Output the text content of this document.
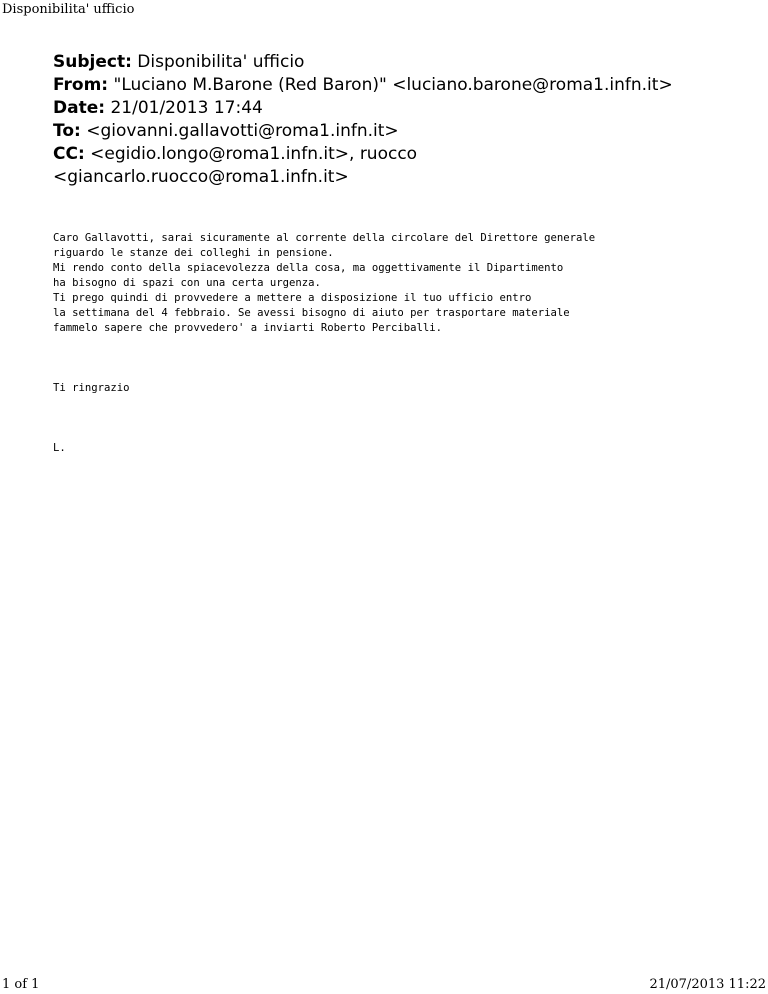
Disponibilita' ufficio
Subject: Disponibilita' ufficio
From: "Luciano M.Barone (Red Baron)" <luciano.barone@roma1.infn.it>
Date: 21/01/2013 17:44
To: <giovanni.gallavotti@roma1.infn.it>
CC: <egidio.longo@roma1.infn.it>, ruocco
<giancarlo.ruocco@roma1.infn.it>

Caro Gallavotti, sarai sicuramente al corrente della circolare del Direttore generale
riguardo le stanze dei colleghi in pensione.
Mi rendo conto della spiacevolezza della cosa, ma oggettivamente il Dipartimento
ha bisogno di spazi con una certa urgenza.
Ti prego quindi di provvedere a mettere a disposizione il tuo ufficio entro
la settimana del 4 febbraio. Se avessi bisogno di aiuto per trasportare materiale
fammelo sapere che provvedero' a inviarti Roberto Perciballi.

Ti ringrazio

L.

1 of 1	21/07/2013 11:22
